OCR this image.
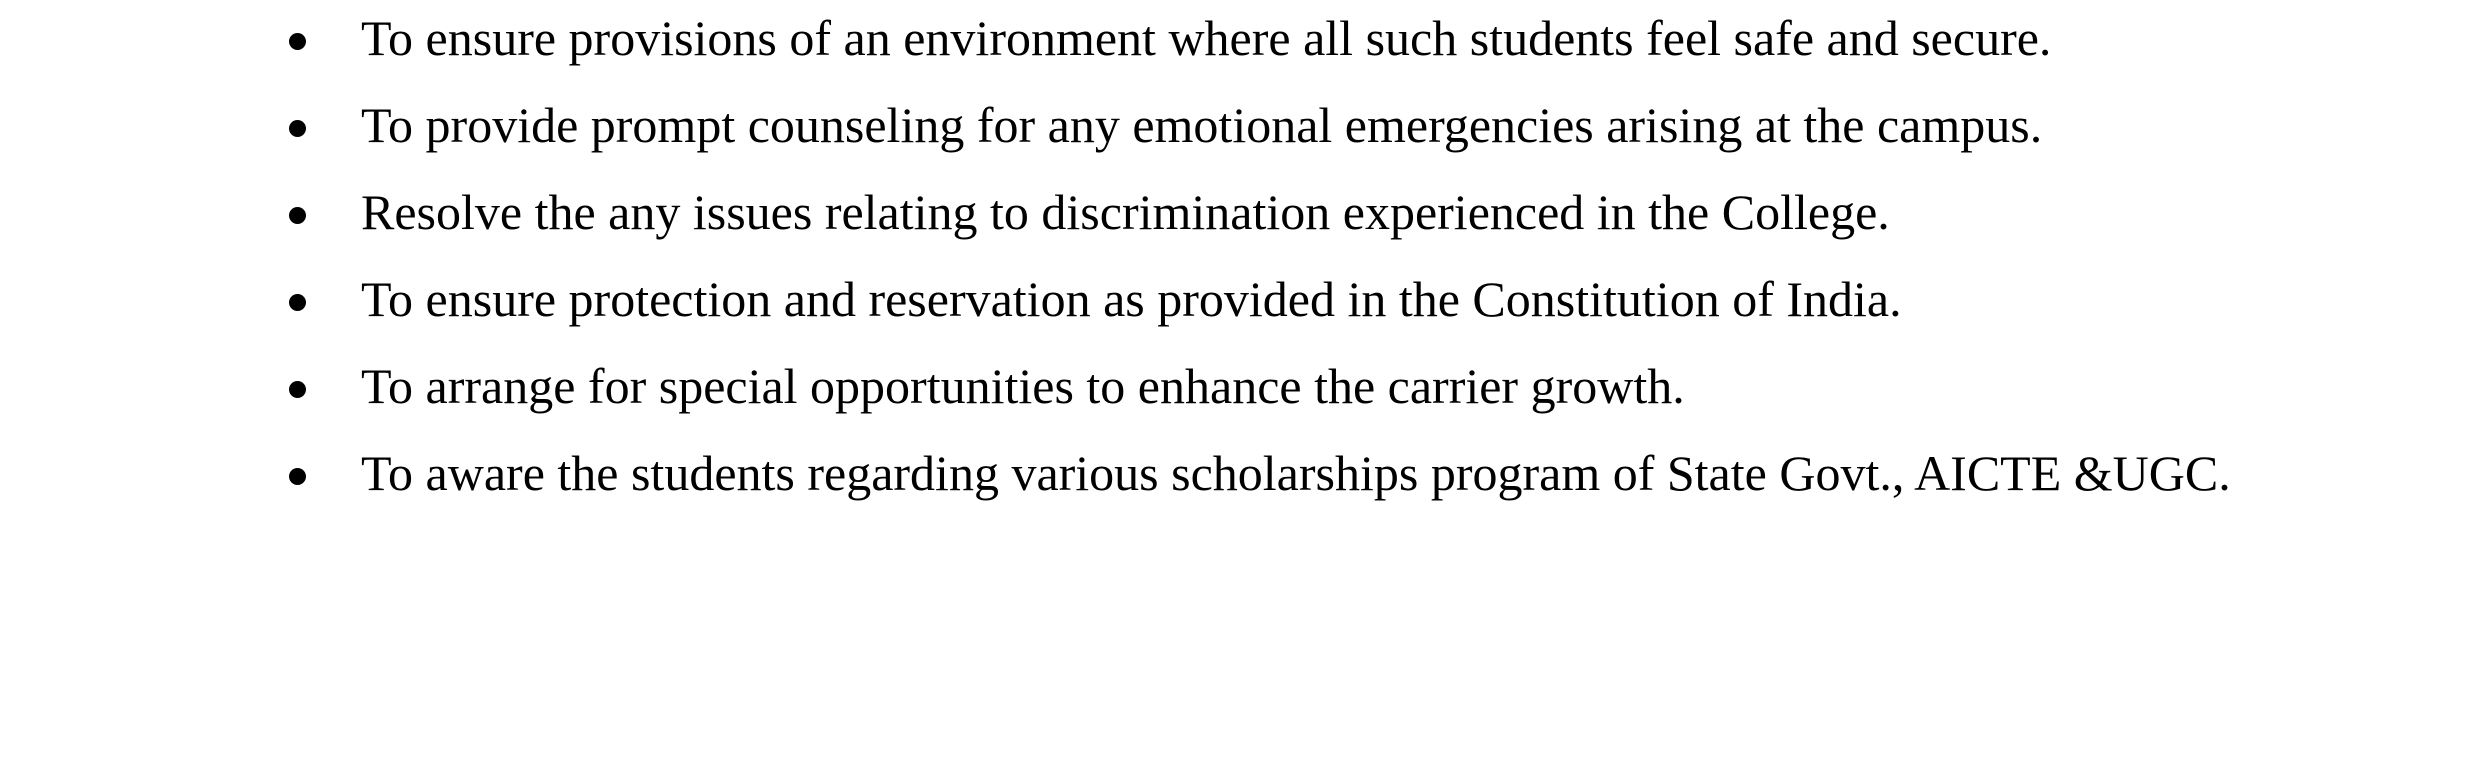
To ensure provisions of an environment where all such students feel safe and secure.
To provide prompt counseling for any emotional emergencies arising at the campus.
Resolve the any issues relating to discrimination experienced in the College.
To ensure protection and reservation as provided in the Constitution of India.
To arrange for special opportunities to enhance the carrier growth.
To aware the students regarding various scholarships program of State Govt., AICTE &UGC.
